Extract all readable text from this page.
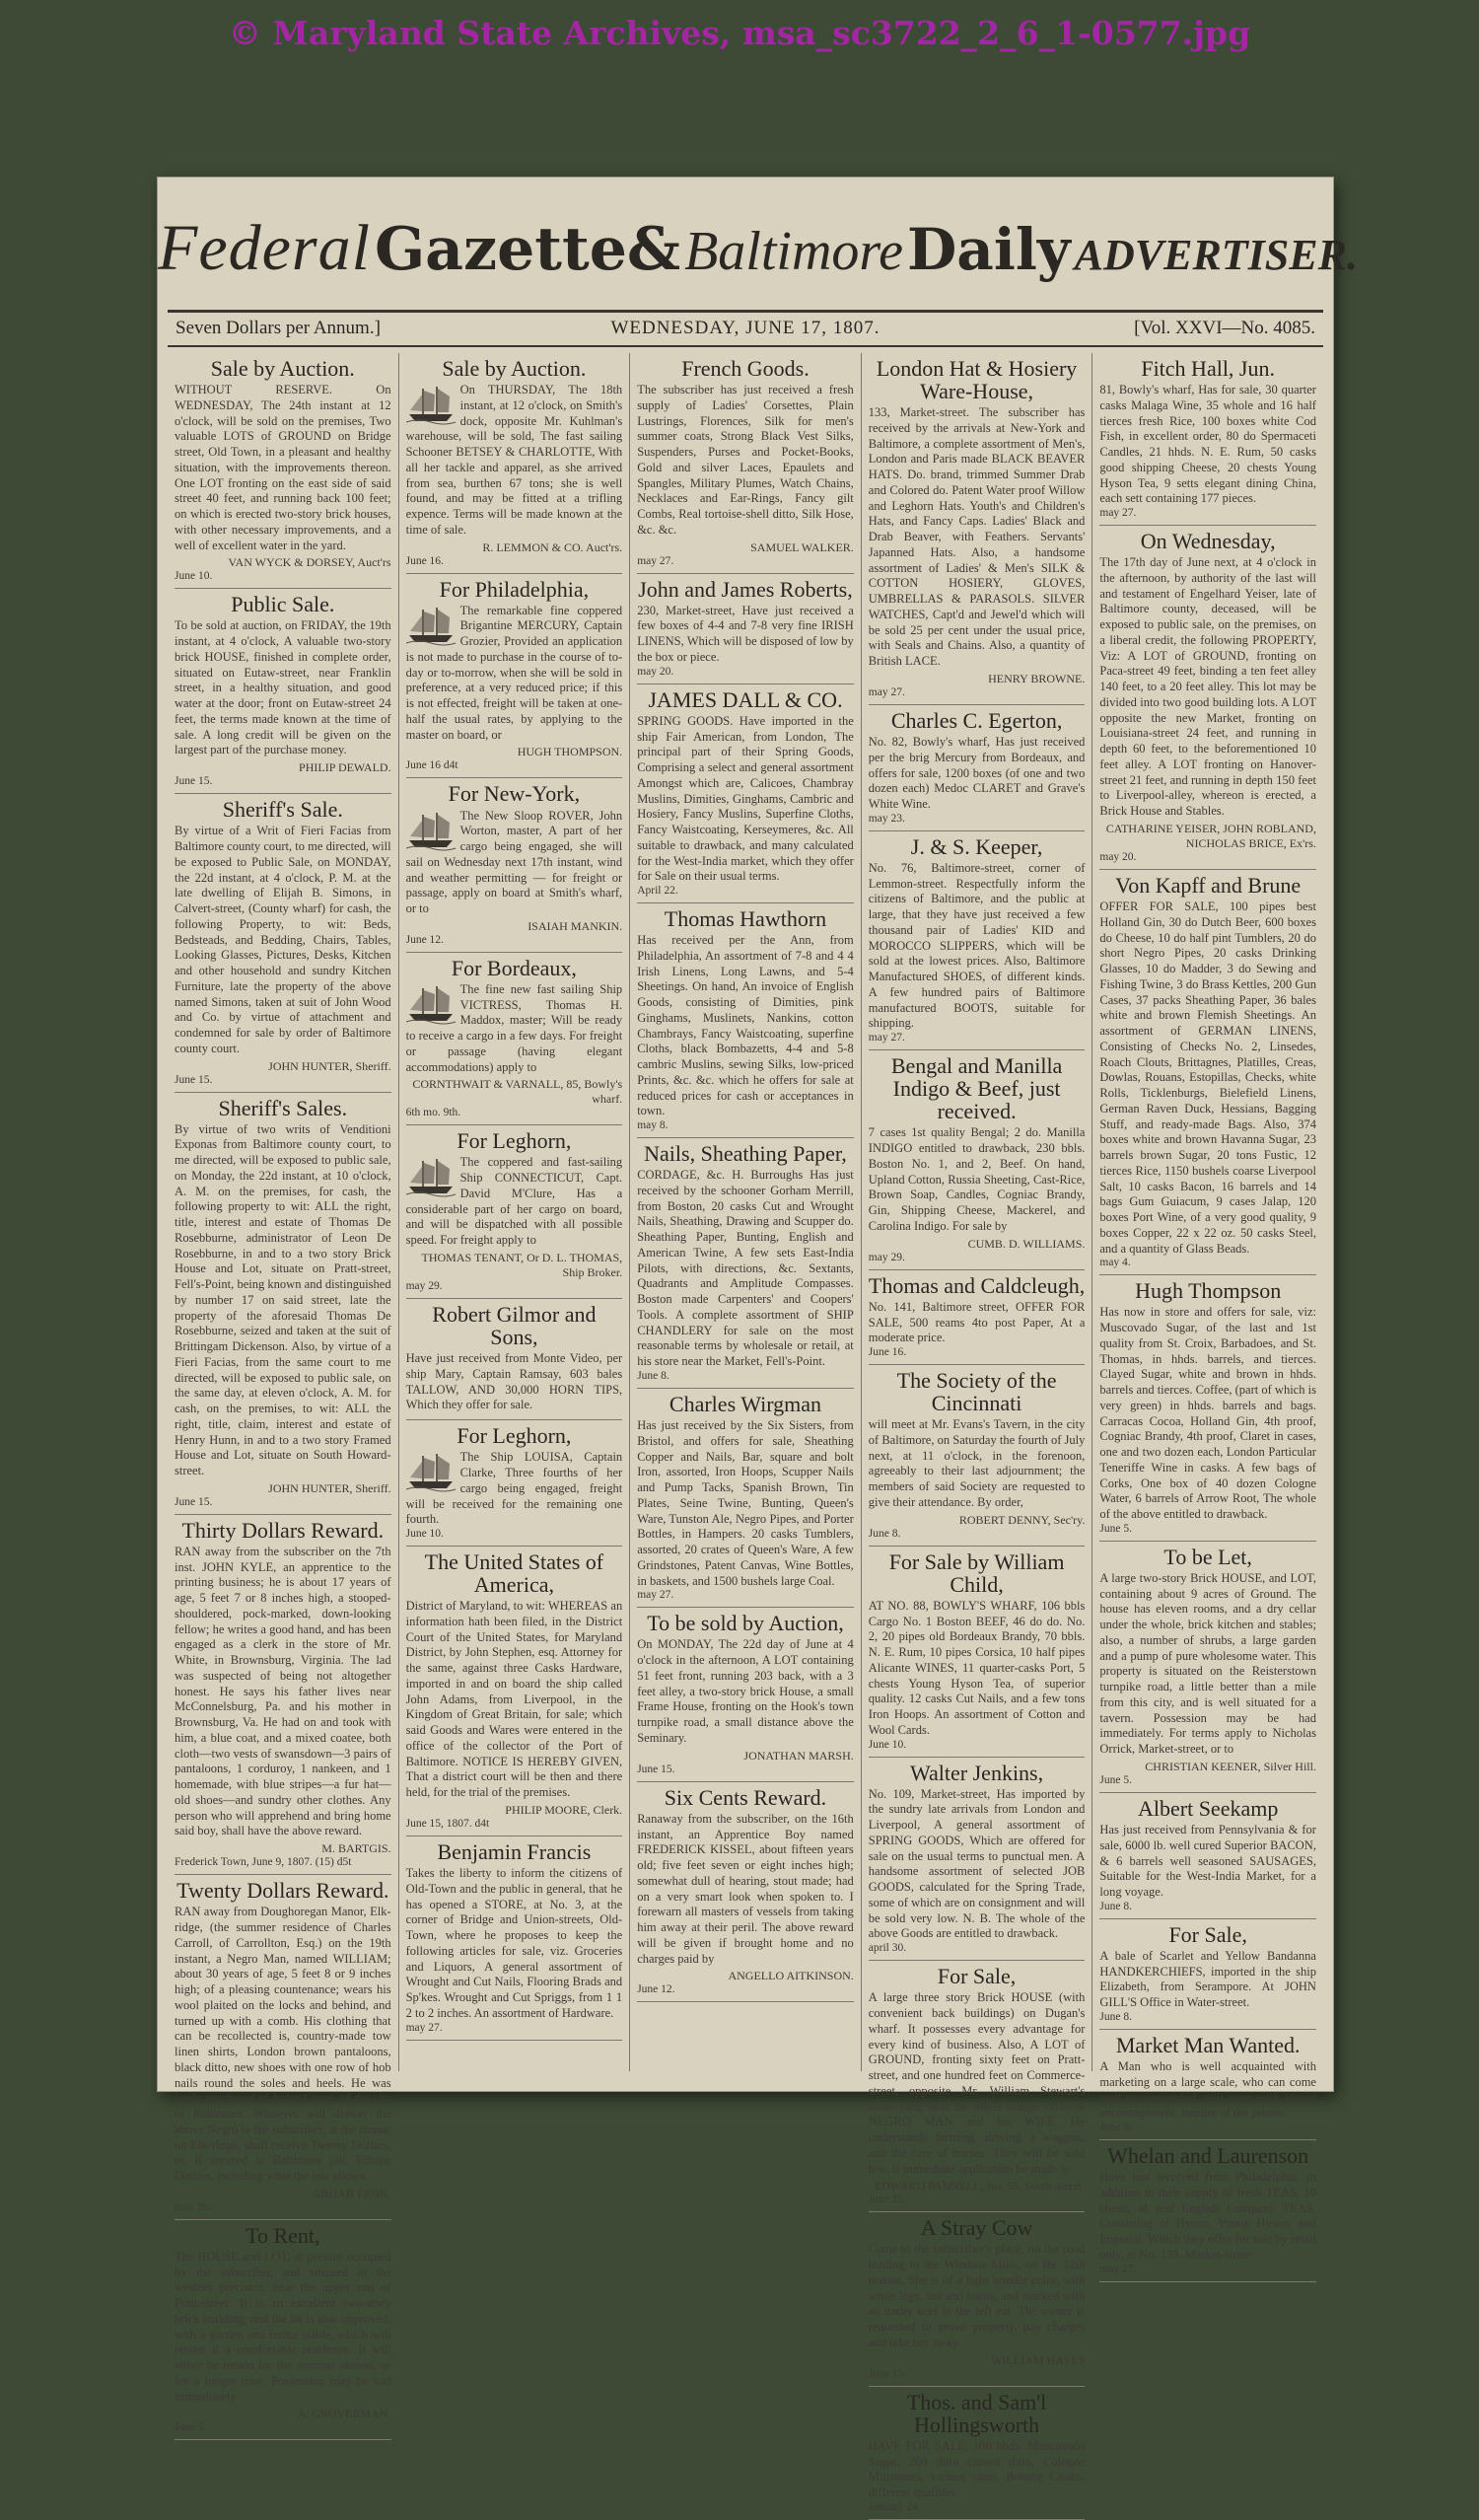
© Maryland State Archives, msa_sc3722_2_6_1-0577.jpg
Federal Gazette& Baltimore Daily ADVERTISER.
WEDNESDAY, JUNE 17, 1807.
Seven Dollars per Annum.]	[Vol. XXVI—No. 4085.
Sale by Auction.

WITHOUT RESERVE. On WEDNESDAY, The 24th instant at 12 o'clock, will be sold on the premises, Two valuable LOTS of GROUND on Bridge street, Old Town, in a pleasant and healthy situation, with the improvements thereon. One LOT fronting on the east side of said street 40 feet, and running back 100 feet; on which is erected two-story brick houses, with other necessary improvements, and a well of excellent water in the yard.

VAN WYCK & DORSEY, Auct'rs
June 10.
Public Sale.

To be sold at auction, on FRIDAY, the 19th instant, at 4 o'clock, A valuable two-story brick HOUSE, finished in complete order, situated on Eutaw-street, near Franklin street, in a healthy situation, and good water at the door; front on Eutaw-street 24 feet, the terms made known at the time of sale. A long credit will be given on the largest part of the purchase money.

PHILIP DEWALD.
June 15.
Sheriff's Sale.

By virtue of a Writ of Fieri Facias from Baltimore county court, to me directed, will be exposed to Public Sale, on MONDAY, the 22d instant, at 4 o'clock, P. M. at the late dwelling of Elijah B. Simons, in Calvert-street, (County wharf) for cash, the following Property, to wit: Beds, Bedsteads, and Bedding, Chairs, Tables, Looking Glasses, Pictures, Desks, Kitchen and other household and sundry Kitchen Furniture, late the property of the above named Simons, taken at suit of John Wood and Co. by virtue of attachment and condemned for sale by order of Baltimore county court.

JOHN HUNTER, Sheriff.
June 15.
Sheriff's Sales.

By virtue of two writs of Venditioni Exponas from Baltimore county court, to me directed, will be exposed to public sale, on Monday, the 22d instant, at 10 o'clock, A. M. on the premises, for cash, the following property to wit: ALL the right, title, interest and estate of Thomas De Rosebburne, administrator of Leon De Rosebburne, in and to a two story Brick House and Lot, situate on Pratt-street, Fell's-Point, being known and distinguished by number 17 on said street, late the property of the aforesaid Thomas De Rosebburne, seized and taken at the suit of Brittingam Dickenson. Also, by virtue of a Fieri Facias, from the same court to me directed, will be exposed to public sale, on the same day, at eleven o'clock, A. M. for cash, on the premises, to wit: ALL the right, title, claim, interest and estate of Henry Hunn, in and to a two story Framed House and Lot, situate on South Howard-street.

JOHN HUNTER, Sheriff.
June 15.
Thirty Dollars Reward.

RAN away from the subscriber on the 7th inst. JOHN KYLE, an apprentice to the printing business; he is about 17 years of age, 5 feet 7 or 8 inches high, a stooped-shouldered, pock-marked, down-looking fellow; he writes a good hand, and has been engaged as a clerk in the store of Mr. White, in Brownsburg, Virginia. The lad was suspected of being not altogether honest. He says his father lives near McConnelsburg, Pa. and his mother in Brownsburg, Va. He had on and took with him, a blue coat, and a mixed coatee, both cloth—two vests of swansdown—3 pairs of pantaloons, 1 corduroy, 1 nankeen, and 1 homemade, with blue stripes—a fur hat—old shoes—and sundry other clothes. Any person who will apprehend and bring home said boy, shall have the above reward.

M. BARTGIS.
Frederick Town, June 9, 1807. (15) d5t
Twenty Dollars Reward.

RAN away from Doughoregan Manor, Elk-ridge, (the summer residence of Charles Carroll, of Carrollton, Esq.) on the 19th instant, a Negro Man, named WILLIAM; about 30 years of age, 5 feet 8 or 9 inches high; of a pleasing countenance; wears his wool plaited on the locks and behind, and turned up with a comb. His clothing that can be recollected is, country-made tow linen shirts, London brown pantaloons, black ditto, new shoes with one row of hob nails round the soles and heels. He was lately purchased of Judge Chase, of the city of Baltimore. Whoever will deliver the above Negro to the subscriber, at the manor on Elk-ridge, shall receive Twenty Dollars; or, if secured in Baltimore jail, Fifteen Dollars, including what the law allows.

ABIJAH FENN.
may 26.
To Rent,

The HOUSE and LOT, at present occupied by the subscriber, and situated in the western precincts, near the upper end of Pratt-street. It is an excellent two-story brick building; and the lot is also improved, with a garden and frame stable, which will render it a comfortable residence. It will either be rented for the summer season, or for a longer time. Possession may be had immediately.

A. GROVERMAN.
June 5.
Sale by Auction.

On THURSDAY, The 18th instant, at 12 o'clock, on Smith's dock, opposite Mr. Kuhlman's warehouse, will be sold, The fast sailing Schooner BETSEY & CHARLOTTE, With all her tackle and apparel, as she arrived from sea, burthen 67 tons; she is well found, and may be fitted at a trifling expence. Terms will be made known at the time of sale.

R. LEMMON & CO. Auct'rs.
June 16.
For Philadelphia,

The remarkable fine coppered Brigantine MERCURY, Captain Grozier, Provided an application is not made to purchase in the course of to-day or to-morrow, when she will be sold in preference, at a very reduced price; if this is not effected, freight will be taken at one-half the usual rates, by applying to the master on board, or

HUGH THOMPSON.
June 16 d4t
For New-York,

The New Sloop ROVER, John Worton, master, A part of her cargo being engaged, she will sail on Wednesday next 17th instant, wind and weather permitting — for freight or passage, apply on board at Smith's wharf, or to

ISAIAH MANKIN.
June 12.
For Bordeaux,

The fine new fast sailing Ship VICTRESS, Thomas H. Maddox, master; Will be ready to receive a cargo in a few days. For freight or passage (having elegant accommodations) apply to

CORNTHWAIT & VARNALL, 85, Bowly's wharf.
6th mo. 9th.
For Leghorn,

The coppered and fast-sailing Ship CONNECTICUT, Capt. David M'Clure, Has a considerable part of her cargo on board, and will be dispatched with all possible speed. For freight apply to

THOMAS TENANT, Or D. L. THOMAS, Ship Broker.
may 29.
Robert Gilmor and Sons,

Have just received from Monte Video, per ship Mary, Captain Ramsay, 603 bales TALLOW, AND 30,000 HORN TIPS, Which they offer for sale.

For Leghorn,

The Ship LOUISA, Captain Clarke, Three fourths of her cargo being engaged, freight will be received for the remaining one fourth.

June 10.
The United States of America,

District of Maryland, to wit: WHEREAS an information hath been filed, in the District Court of the United States, for Maryland District, by John Stephen, esq. Attorney for the same, against three Casks Hardware, imported in and on board the ship called John Adams, from Liverpool, in the Kingdom of Great Britain, for sale; which said Goods and Wares were entered in the office of the collector of the Port of Baltimore. NOTICE IS HEREBY GIVEN, That a district court will be then and there held, for the trial of the premises.

PHILIP MOORE, Clerk.
June 15, 1807. d4t
Benjamin Francis

Takes the liberty to inform the citizens of Old-Town and the public in general, that he has opened a STORE, at No. 3, at the corner of Bridge and Union-streets, Old-Town, where he proposes to keep the following articles for sale, viz. Groceries and Liquors, A general assortment of Wrought and Cut Nails, Flooring Brads and Sp'kes. Wrought and Cut Spriggs, from 1 1 2 to 2 inches. An assortment of Hardware.

may 27.
French Goods.

The subscriber has just received a fresh supply of Ladies' Corsettes, Plain Lustrings, Florences, Silk for men's summer coats, Strong Black Vest Silks, Suspenders, Purses and Pocket-Books, Gold and silver Laces, Epaulets and Spangles, Military Plumes, Watch Chains, Necklaces and Ear-Rings, Fancy gilt Combs, Real tortoise-shell ditto, Silk Hose, &c. &c.

SAMUEL WALKER.
may 27.
John and James Roberts,

230, Market-street, Have just received a few boxes of 4-4 and 7-8 very fine IRISH LINENS, Which will be disposed of low by the box or piece.

may 20.
JAMES DALL & CO.

SPRING GOODS. Have imported in the ship Fair American, from London, The principal part of their Spring Goods, Comprising a select and general assortment Amongst which are, Calicoes, Chambray Muslins, Dimities, Ginghams, Cambric and Hosiery, Fancy Muslins, Superfine Cloths, Fancy Waistcoating, Kerseymeres, &c. All suitable to drawback, and many calculated for the West-India market, which they offer for Sale on their usual terms.

April 22.
Thomas Hawthorn

Has received per the Ann, from Philadelphia, An assortment of 7-8 and 4 4 Irish Linens, Long Lawns, and 5-4 Sheetings. On hand, An invoice of English Goods, consisting of Dimities, pink Ginghams, Muslinets, Nankins, cotton Chambrays, Fancy Waistcoating, superfine Cloths, black Bombazetts, 4-4 and 5-8 cambric Muslins, sewing Silks, low-priced Prints, &c. &c. which he offers for sale at reduced prices for cash or acceptances in town.

may 8.
Nails, Sheathing Paper,

CORDAGE, &c. H. Burroughs Has just received by the schooner Gorham Merrill, from Boston, 20 casks Cut and Wrought Nails, Sheathing, Drawing and Scupper do. Sheathing Paper, Bunting, English and American Twine, A few sets East-India Pilots, with directions, &c. Sextants, Quadrants and Amplitude Compasses. Boston made Carpenters' and Coopers' Tools. A complete assortment of SHIP CHANDLERY for sale on the most reasonable terms by wholesale or retail, at his store near the Market, Fell's-Point.

June 8.
Charles Wirgman

Has just received by the Six Sisters, from Bristol, and offers for sale, Sheathing Copper and Nails, Bar, square and bolt Iron, assorted, Iron Hoops, Scupper Nails and Pump Tacks, Spanish Brown, Tin Plates, Seine Twine, Bunting, Queen's Ware, Tunston Ale, Negro Pipes, and Porter Bottles, in Hampers. 20 casks Tumblers, assorted, 20 crates of Queen's Ware, A few Grindstones, Patent Canvas, Wine Bottles, in baskets, and 1500 bushels large Coal.

may 27.
To be sold by Auction,

On MONDAY, The 22d day of June at 4 o'clock in the afternoon, A LOT containing 51 feet front, running 203 back, with a 3 feet alley, a two-story brick House, a small Frame House, fronting on the Hook's town turnpike road, a small distance above the Seminary.

JONATHAN MARSH.
June 15.
Six Cents Reward.

Ranaway from the subscriber, on the 16th instant, an Apprentice Boy named FREDERICK KISSEL, about fifteen years old; five feet seven or eight inches high; somewhat dull of hearing, stout made; had on a very smart look when spoken to. I forewarn all masters of vessels from taking him away at their peril. The above reward will be given if brought home and no charges paid by

ANGELLO AITKINSON.
June 12.
London Hat & Hosiery Ware-House,

133, Market-street. The subscriber has received by the arrivals at New-York and Baltimore, a complete assortment of Men's, London and Paris made BLACK BEAVER HATS. Do. brand, trimmed Summer Drab and Colored do. Patent Water proof Willow and Leghorn Hats. Youth's and Children's Hats, and Fancy Caps. Ladies' Black and Drab Beaver, with Feathers. Servants' Japanned Hats. Also, a handsome assortment of Ladies' & Men's SILK & COTTON HOSIERY, GLOVES, UMBRELLAS & PARASOLS. SILVER WATCHES, Capt'd and Jewel'd which will be sold 25 per cent under the usual price, with Seals and Chains. Also, a quantity of British LACE.

HENRY BROWNE.
may 27.
Charles C. Egerton,

No. 82, Bowly's wharf, Has just received per the brig Mercury from Bordeaux, and offers for sale, 1200 boxes (of one and two dozen each) Medoc CLARET and Grave's White Wine.

may 23.
J. & S. Keeper,

No. 76, Baltimore-street, corner of Lemmon-street. Respectfully inform the citizens of Baltimore, and the public at large, that they have just received a few thousand pair of Ladies' KID and MOROCCO SLIPPERS, which will be sold at the lowest prices. Also, Baltimore Manufactured SHOES, of different kinds. A few hundred pairs of Baltimore manufactured BOOTS, suitable for shipping.

may 27.
Bengal and Manilla Indigo & Beef, just received.

7 cases 1st quality Bengal; 2 do. Manilla INDIGO entitled to drawback, 230 bbls. Boston No. 1, and 2, Beef. On hand, Upland Cotton, Russia Sheeting, Cast-Rice, Brown Soap, Candles, Cogniac Brandy, Gin, Shipping Cheese, Mackerel, and Carolina Indigo. For sale by

CUMB. D. WILLIAMS.
may 29.
Thomas and Caldcleugh,

No. 141, Baltimore street, OFFER FOR SALE, 500 reams 4to post Paper, At a moderate price.

June 16.
The Society of the Cincinnati

will meet at Mr. Evans's Tavern, in the city of Baltimore, on Saturday the fourth of July next, at 11 o'clock, in the forenoon, agreeably to their last adjournment; the members of said Society are requested to give their attendance. By order,

ROBERT DENNY, Sec'ry.
June 8.
For Sale by William Child,

AT NO. 88, BOWLY'S WHARF, 106 bbls Cargo No. 1 Boston BEEF, 46 do do. No. 2, 20 pipes old Bordeaux Brandy, 70 bbls. N. E. Rum, 10 pipes Corsica, 10 half pipes Alicante WINES, 11 quarter-casks Port, 5 chests Young Hyson Tea, of superior quality. 12 casks Cut Nails, and a few tons Iron Hoops. An assortment of Cotton and Wool Cards.

June 10.
Walter Jenkins,

No. 109, Market-street, Has imported by the sundry late arrivals from London and Liverpool, A general assortment of SPRING GOODS, Which are offered for sale on the usual terms to punctual men. A handsome assortment of selected JOB GOODS, calculated for the Spring Trade, some of which are on consignment and will be sold very low. N. B. The whole of the above Goods are entitled to drawback.

april 30.
For Sale,

A large three story Brick HOUSE (with convenient back buildings) on Dugan's wharf. It possesses every advantage for every kind of business. Also, A LOT of GROUND, fronting sixty feet on Pratt-street, and one hundred feet on Commerce-street, opposite Mr. William Stewart's stone-yard, near the lower bridge. Also, A NEGRO MAN and his WIFE. He understands farming, driving a waggon, and the care of horses. They will be sold low, if immediate application be made to

EDWARD PANNELL, No. 55, South-street.
June 15.
A Stray Cow

Came to the subscriber's place, on the road leading to the Windsor Mills, on the 12th instant. She is of a light brindle color, with white legs, tail and horns, and marked with an under keel in the left ear. The owner is requested to prove property, pay charges and take her away.

WILLIAM HAYES
June 15.
Thos. and Sam'l Hollingsworth

HAVE FOR SALE, 100 hhds. Muscovado Sugar, 200 ditto claved ditto, Cologne Millstones, various sizes, Bolting Cloths, different qualities.

January 24.
Fitch Hall, Jun.

81, Bowly's wharf, Has for sale, 30 quarter casks Malaga Wine, 35 whole and 16 half tierces fresh Rice, 100 boxes white Cod Fish, in excellent order, 80 do Spermaceti Candles, 21 hhds. N. E. Rum, 50 casks good shipping Cheese, 20 chests Young Hyson Tea, 9 setts elegant dining China, each sett containing 177 pieces.

may 27.
On Wednesday,

The 17th day of June next, at 4 o'clock in the afternoon, by authority of the last will and testament of Engelhard Yeiser, late of Baltimore county, deceased, will be exposed to public sale, on the premises, on a liberal credit, the following PROPERTY, Viz: A LOT of GROUND, fronting on Paca-street 49 feet, binding a ten feet alley 140 feet, to a 20 feet alley. This lot may be divided into two good building lots. A LOT opposite the new Market, fronting on Louisiana-street 24 feet, and running in depth 60 feet, to the beforementioned 10 feet alley. A LOT fronting on Hanover-street 21 feet, and running in depth 150 feet to Liverpool-alley, whereon is erected, a Brick House and Stables.

CATHARINE YEISER, JOHN ROBLAND, NICHOLAS BRICE, Ex'rs.
may 20.
Von Kapff and Brune

OFFER FOR SALE, 100 pipes best Holland Gin, 30 do Dutch Beer, 600 boxes do Cheese, 10 do half pint Tumblers, 20 do short Negro Pipes, 20 casks Drinking Glasses, 10 do Madder, 3 do Sewing and Fishing Twine, 3 do Brass Kettles, 200 Gun Cases, 37 packs Sheathing Paper, 36 bales white and brown Flemish Sheetings. An assortment of GERMAN LINENS, Consisting of Checks No. 2, Linsedes, Roach Clouts, Brittagnes, Platilles, Creas, Dowlas, Rouans, Estopillas, Checks, white Rolls, Ticklenburgs, Bielefield Linens, German Raven Duck, Hessians, Bagging Stuff, and ready-made Bags. Also, 374 boxes white and brown Havanna Sugar, 23 barrels brown Sugar, 20 tons Fustic, 12 tierces Rice, 1150 bushels coarse Liverpool Salt, 10 casks Bacon, 16 barrels and 14 bags Gum Guiacum, 9 cases Jalap, 120 boxes Port Wine, of a very good quality, 9 boxes Copper, 22 x 22 oz. 50 casks Steel, and a quantity of Glass Beads.

may 4.
Hugh Thompson

Has now in store and offers for sale, viz: Muscovado Sugar, of the last and 1st quality from St. Croix, Barbadoes, and St. Thomas, in hhds. barrels, and tierces. Clayed Sugar, white and brown in hhds. barrels and tierces. Coffee, (part of which is very green) in hhds. barrels and bags. Carracas Cocoa, Holland Gin, 4th proof, Cogniac Brandy, 4th proof, Claret in cases, one and two dozen each, London Particular Teneriffe Wine in casks. A few bags of Corks, One box of 40 dozen Cologne Water, 6 barrels of Arrow Root, The whole of the above entitled to drawback.

June 5.
To be Let,

A large two-story Brick HOUSE, and LOT, containing about 9 acres of Ground. The house has eleven rooms, and a dry cellar under the whole, brick kitchen and stables; also, a number of shrubs, a large garden and a pump of pure wholesome water. This property is situated on the Reisterstown turnpike road, a little better than a mile from this city, and is well situated for a tavern. Possession may be had immediately. For terms apply to Nicholas Orrick, Market-street, or to

CHRISTIAN KEENER, Silver Hill.
June 5.
Albert Seekamp

Has just received from Pennsylvania & for sale, 6000 lb. well cured Superior BACON, & 6 barrels well seasoned SAUSAGES, Suitable for the West-India Market, for a long voyage.

June 8.
For Sale,

A bale of Scarlet and Yellow Bandanna HANDKERCHIEFS, imported in the ship Elizabeth, from Serampore. At JOHN GILL'S Office in Water-street.

June 8.
Market Man Wanted.

A Man who is well acquainted with marketing on a large scale, who can come well recommended, will meet with liberal encouragement. Inquire of the printer.

June 5.
Whelan and Laurenson

Have just received from Philadelphia, in addition to their supply of fresh TEAS, 10 chests of real English Company TEAS, Consisting of Hyson, Young Hyson, and Imperial. Which they offer for sale by retail only, at No. 133, Market-street.

may 27.
